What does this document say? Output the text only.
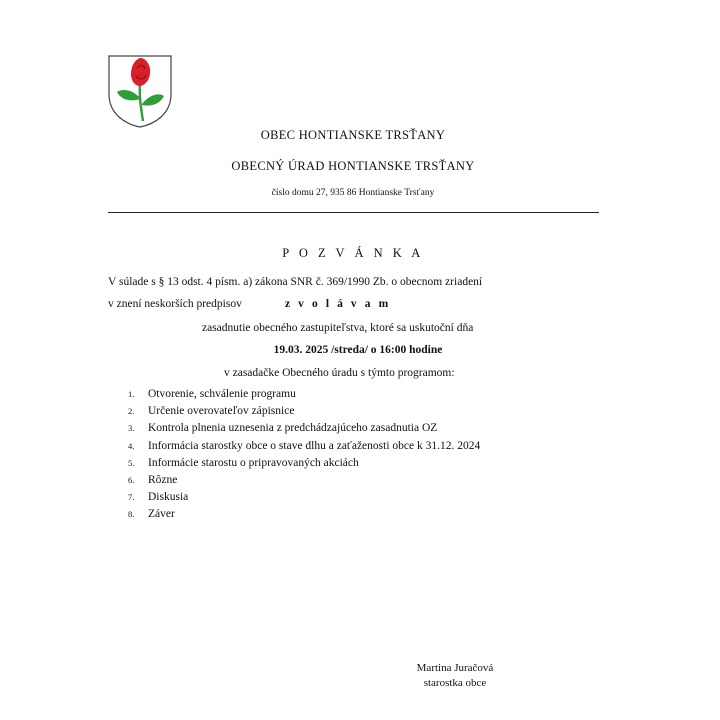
OBEC HONTIANSKE TRSŤANY
OBECNÝ ÚRAD HONTIANSKE TRSŤANY
číslo domu 27, 935 86 Hontianske Trsťany
P O Z V Á N K A
V súlade s § 13 odst. 4 písm. a) zákona SNR č. 369/1990 Zb. o obecnom zriadení
v znení neskorších predpisov	z v o l á v a m
zasadnutie obecného zastupiteľstva, ktoré sa uskutoční dňa
19.03. 2025 /streda/ o 16:00 hodine
v zasadačke Obecného úradu s týmto programom:
1.	Otvorenie, schválenie programu
2.	Určenie overovateľov zápisnice
3.	Kontrola plnenia uznesenia z predchádzajúceho zasadnutia OZ
4.	Informácia starostky obce o stave dlhu a zaťaženosti obce k 31.12. 2024
5.	Informácie starostu o pripravovaných akciách
6.	Rôzne
7.	Diskusia
8.	Záver
Martina Juračová
starostka obce
